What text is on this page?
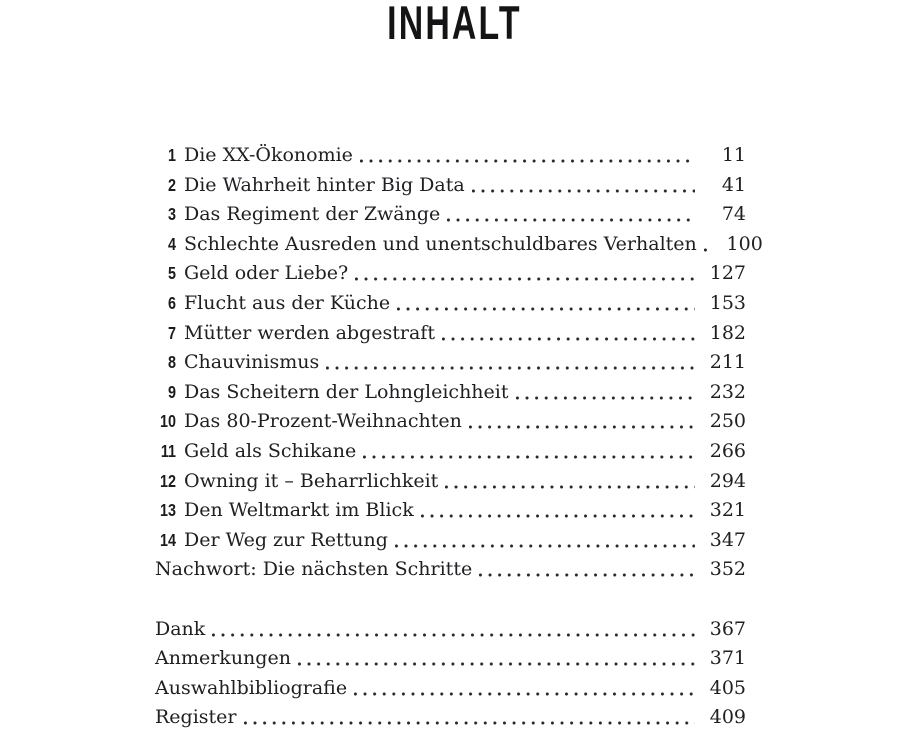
INHALT
1 Die XX-Ökonomie	11
2 Die Wahrheit hinter Big Data	41
3 Das Regiment der Zwänge	74
4 Schlechte Ausreden und unentschuldbares Verhalten	100
5 Geld oder Liebe?	127
6 Flucht aus der Küche	153
7 Mütter werden abgestraft	182
8 Chauvinismus	211
9 Das Scheitern der Lohngleichheit	232
10 Das 80-Prozent-Weihnachten	250
11 Geld als Schikane	266
12 Owning it – Beharrlichkeit	294
13 Den Weltmarkt im Blick	321
14 Der Weg zur Rettung	347
Nachwort: Die nächsten Schritte	352
Dank	367
Anmerkungen	371
Auswahlbibliografie	405
Register	409
